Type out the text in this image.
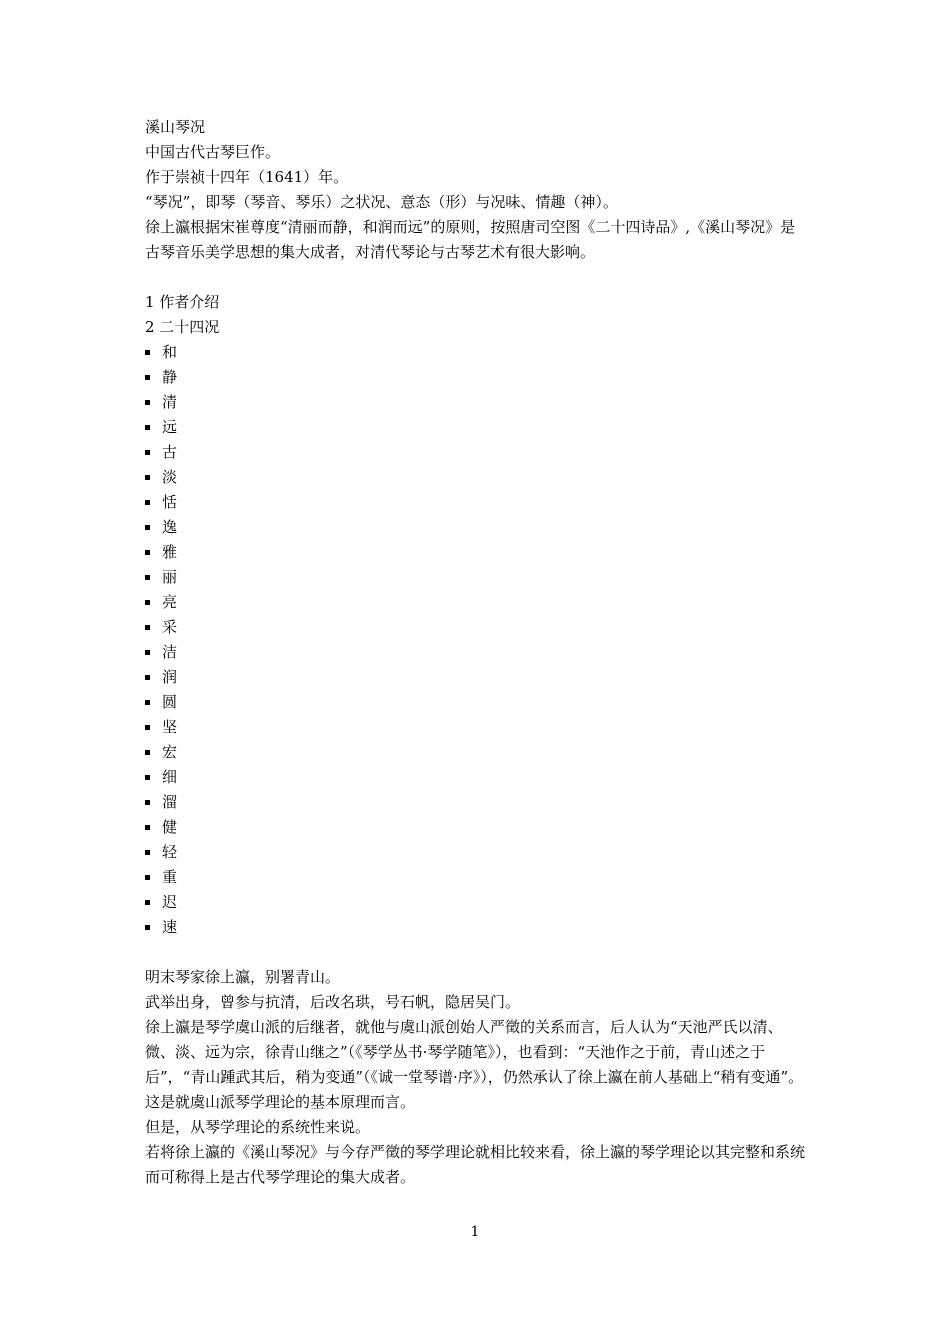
溪山琴况

中国古代古琴巨作。

作于崇祯十四年（1641）年。

“琴况”，即琴（琴音、琴乐）之状况、意态（形）与况味、情趣（神）。

徐上瀛根据宋崔尊度“清丽而静，和润而远”的原则，按照唐司空图《二十四诗品》,《溪山琴况》是古琴音乐美学思想的集大成者，对清代琴论与古琴艺术有很大影响。

1 作者介绍

2 二十四况

和
静
清
远
古
淡
恬
逸
雅
丽
亮
采
洁
润
圆
坚
宏
细
溜
健
轻
重
迟
速

明末琴家徐上瀛，别署青山。

武举出身，曾参与抗清，后改名珙，号石帆，隐居吴门。

徐上瀛是琴学虞山派的后继者，就他与虞山派创始人严徵的关系而言，后人认为“天池严氏以清、微、淡、远为宗，徐青山继之”（《琴学丛书·琴学随笔》），也看到：“天池作之于前，青山述之于后”，“青山踵武其后，稍为变通”（《诚一堂琴谱·序》），仍然承认了徐上瀛在前人基础上“稍有变通”。

这是就虞山派琴学理论的基本原理而言。

但是，从琴学理论的系统性来说。

若将徐上瀛的《溪山琴况》与今存严徵的琴学理论就相比较来看，徐上瀛的琴学理论以其完整和系统而可称得上是古代琴学理论的集大成者。

1
